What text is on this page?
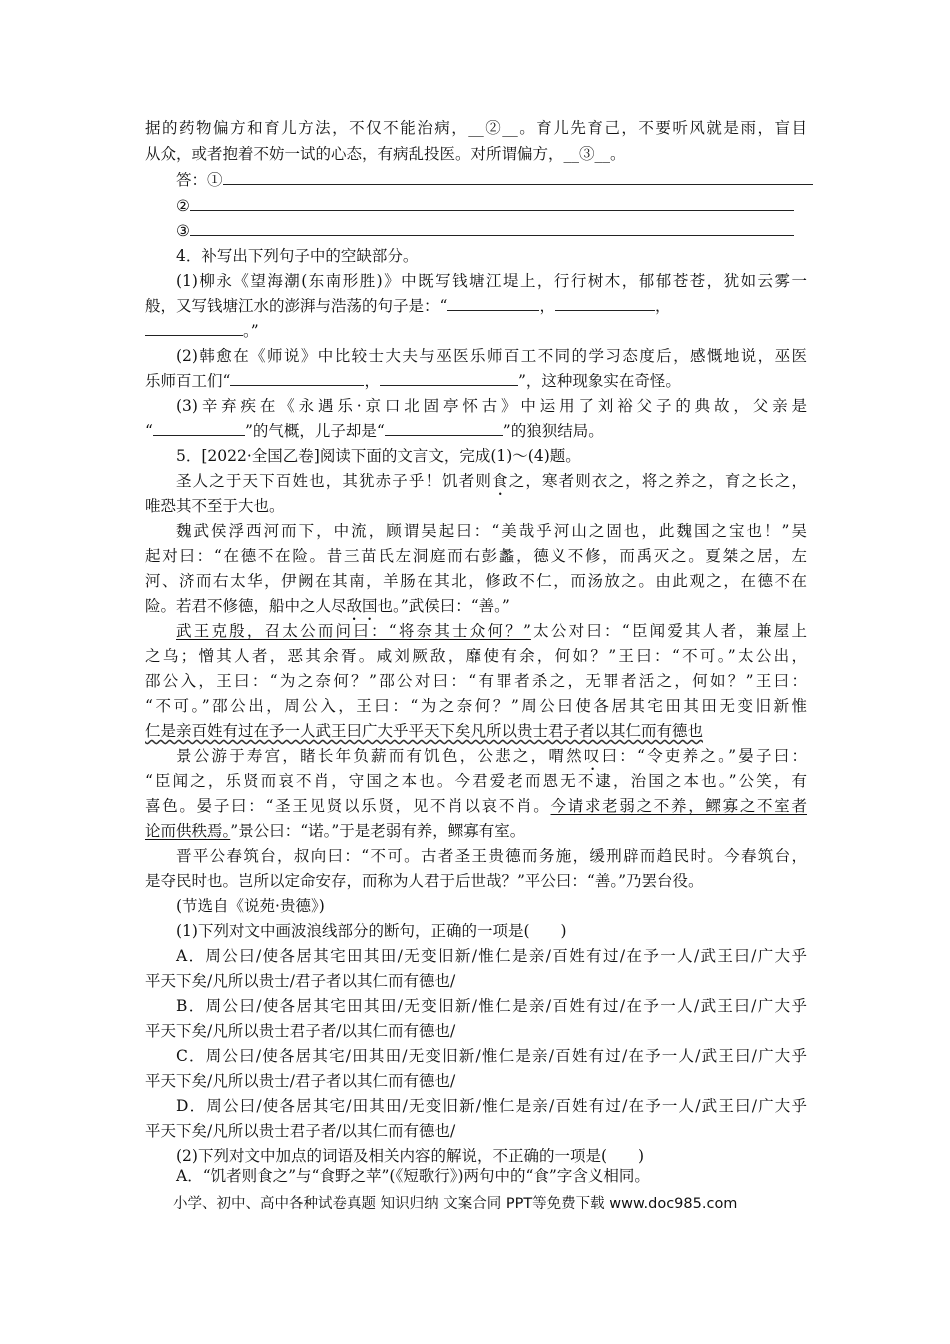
据的药物偏方和育儿方法，不仅不能治病，__②__。育儿先育己，不要听风就是雨，盲目
从众，或者抱着不妨一试的心态，有病乱投医。对所谓偏方，__③__。
答：①
②
③
4．补写出下列句子中的空缺部分。
(1)柳永《望海潮(东南形胜)》中既写钱塘江堤上，行行树木，郁郁苍苍，犹如云雾一
般，又写钱塘江水的澎湃与浩荡的句子是：“	，	，
。”
(2)韩愈在《师说》中比较士大夫与巫医乐师百工不同的学习态度后，感慨地说，巫医
乐师百工们“	，	”，这种现象实在奇怪。
(3)辛弃疾在《永遇乐·京口北固亭怀古》中运用了刘裕父子的典故，父亲是
“	”的气概，儿子却是“	”的狼狈结局。
5．[2022·全国乙卷]阅读下面的文言文，完成(1)～(4)题。
圣人之于天下百姓也，其犹赤子乎！饥者则食之，寒者则衣之，将之养之，育之长之，
唯恐其不至于大也。
魏武侯浮西河而下，中流，顾谓吴起曰：“美哉乎河山之固也，此魏国之宝也！”吴
起对曰：“在德不在险。昔三苗氏左洞庭而右彭蠡，德义不修，而禹灭之。夏桀之居，左
河、济而右太华，伊阙在其南，羊肠在其北，修政不仁，而汤放之。由此观之，在德不在
险。若君不修德，船中之人尽敌国也。”武侯曰：“善。”
武王克殷，召太公而问曰：“将奈其士众何？”太公对曰：“臣闻爱其人者，兼屋上
之乌；憎其人者，恶其余胥。咸刘厥敌，靡使有余，何如？”王曰：“不可。”太公出，
邵公入，王曰：“为之奈何？”邵公对曰：“有罪者杀之，无罪者活之，何如？”王曰：
“不可。”邵公出，周公入，王曰：“为之奈何？”周公曰使各居其宅田其田无变旧新惟
仁是亲百姓有过在予一人武王曰广大乎平天下矣凡所以贵士君子者以其仁而有德也
景公游于寿宫，睹长年负薪而有饥色，公悲之，喟然叹曰：“令吏养之。”晏子曰：
“臣闻之，乐贤而哀不肖，守国之本也。今君爱老而恩无不逮，治国之本也。”公笑，有
喜色。晏子曰：“圣王见贤以乐贤，见不肖以哀不肖。今请求老弱之不养，鳏寡之不室者
论而供秩焉。”景公曰：“诺。”于是老弱有养，鳏寡有室。
晋平公春筑台，叔向曰：“不可。古者圣王贵德而务施，缓刑辟而趋民时。今春筑台，
是夺民时也。岂所以定命安存，而称为人君于后世哉？”平公曰：“善。”乃罢台役。
(节选自《说苑·贵德》)
(1)下列对文中画波浪线部分的断句，正确的一项是(　　)
A．周公曰/使各居其宅田其田/无变旧新/惟仁是亲/百姓有过/在予一人/武王曰/广大乎
平天下矣/凡所以贵士/君子者以其仁而有德也/
B．周公曰/使各居其宅田其田/无变旧新/惟仁是亲/百姓有过/在予一人/武王曰/广大乎
平天下矣/凡所以贵士君子者/以其仁而有德也/
C．周公曰/使各居其宅/田其田/无变旧新/惟仁是亲/百姓有过/在予一人/武王曰/广大乎
平天下矣/凡所以贵士/君子者以其仁而有德也/
D．周公曰/使各居其宅/田其田/无变旧新/惟仁是亲/百姓有过/在予一人/武王曰/广大乎
平天下矣/凡所以贵士君子者/以其仁而有德也/
(2)下列对文中加点的词语及相关内容的解说，不正确的一项是(　　)
A．“饥者则食之”与“食野之苹”(《短歌行》)两句中的“食”字含义相同。
小学、初中、高中各种试卷真题 知识归纳 文案合同 PPT等免费下载 www.doc985.com
